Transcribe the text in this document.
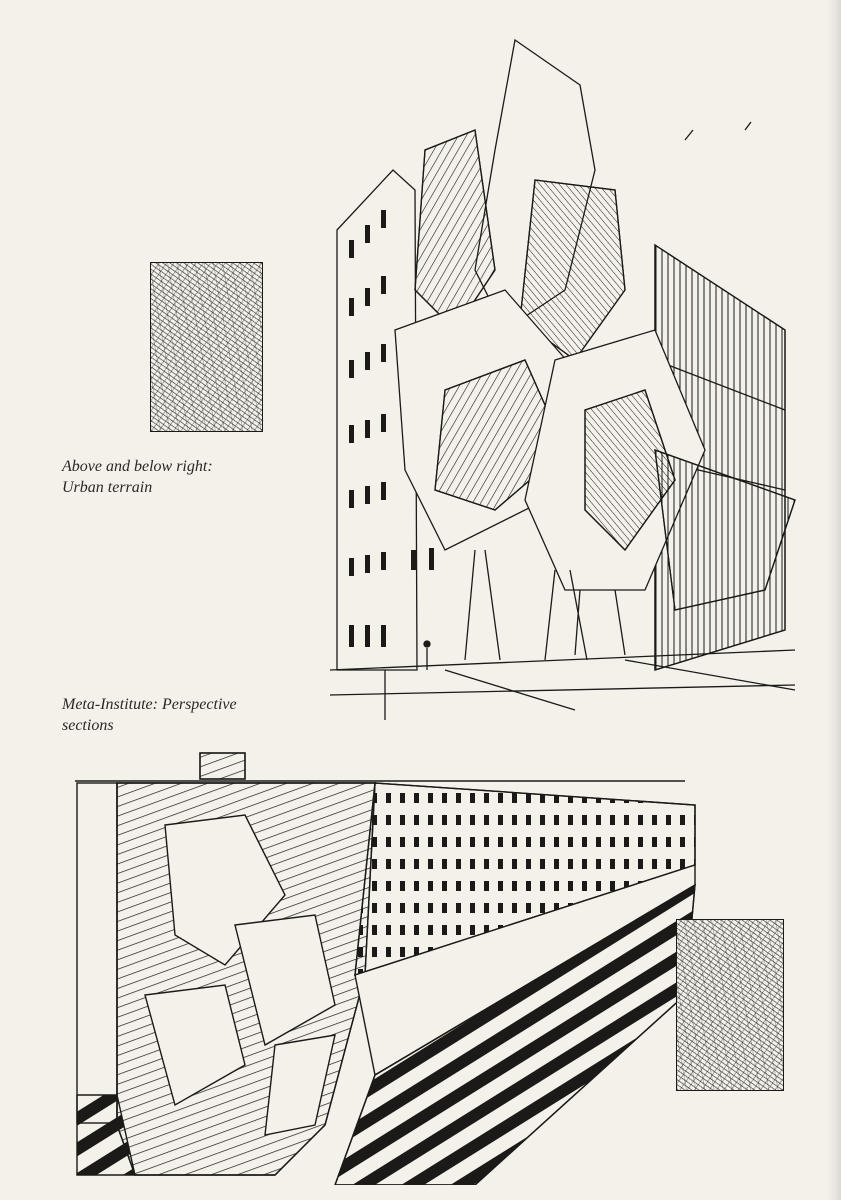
Above and below right:
Urban terrain
Meta-Institute: Perspective
sections
